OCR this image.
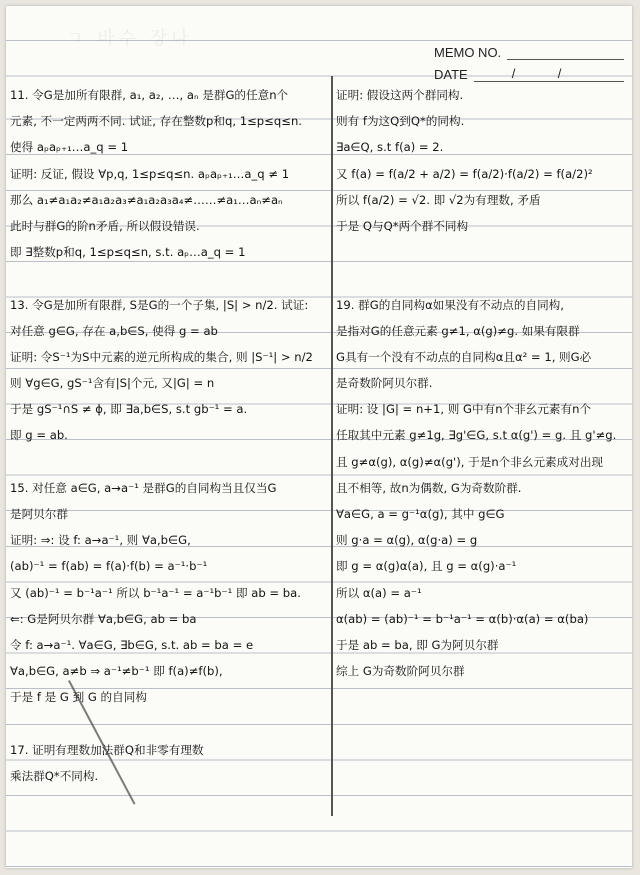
ㄱ 바수 장나
MEMO NO.
DATE	/	/
11. 令G是加所有限群, a₁, a₂, …, aₙ 是群G的任意n个
元素, 不一定两两不同. 试证, 存在整数p和q, 1≤p≤q≤n.
使得 aₚaₚ₊₁…a_q = 1
证明: 反证, 假设 ∀p,q, 1≤p≤q≤n. aₚaₚ₊₁…a_q ≠ 1
那么 a₁≠a₁a₂≠a₁a₂a₃≠a₁a₂a₃a₄≠……≠a₁…aₙ≠aₙ
此时与群G的阶n矛盾, 所以假设错误.
即 ∃整数p和q, 1≤p≤q≤n, s.t. aₚ…a_q = 1
13. 令G是加所有限群, S是G的一个子集, |S| > n/2. 试证:
对任意 g∈G, 存在 a,b∈S, 使得 g = ab
证明: 令S⁻¹为S中元素的逆元所构成的集合, 则 |S⁻¹| > n/2
则 ∀g∈G, gS⁻¹含有|S|个元, 又|G| = n
于是 gS⁻¹∩S ≠ ϕ, 即 ∃a,b∈S, s.t gb⁻¹ = a.
即 g = ab.
15. 对任意 a∈G, a→a⁻¹ 是群G的自同构当且仅当G
是阿贝尔群
证明: ⇒: 设 f: a→a⁻¹, 则 ∀a,b∈G,
(ab)⁻¹ = f(ab) = f(a)·f(b) = a⁻¹·b⁻¹
又 (ab)⁻¹ = b⁻¹a⁻¹ 所以 b⁻¹a⁻¹ = a⁻¹b⁻¹ 即 ab = ba.
⇐: G是阿贝尔群 ∀a,b∈G, ab = ba
令 f: a→a⁻¹. ∀a∈G, ∃b∈G, s.t. ab = ba = e
∀a,b∈G, a≠b ⇒ a⁻¹≠b⁻¹ 即 f(a)≠f(b),
于是 f 是 G 到 G 的自同构
17. 证明有理数加法群Q和非零有理数
乘法群Q*不同构.
证明: 假设这两个群同构.
则有 f为这Q到Q*的同构.
∃a∈Q, s.t f(a) = 2.
又 f(a) = f(a/2 + a/2) = f(a/2)·f(a/2) = f(a/2)²
所以 f(a/2) = √2. 即 √2为有理数, 矛盾
于是 Q与Q*两个群不同构
19. 群G的自同构α如果没有不动点的自同构,
是指对G的任意元素 g≠1, α(g)≠g. 如果有限群
G具有一个没有不动点的自同构α且α² = 1, 则G必
是奇数阶阿贝尔群.
证明: 设 |G| = n+1, 则 G中有n个非幺元素有n个
任取其中元素 g≠1g, ∃g'∈G, s.t α(g') = g. 且 g'≠g.
且 g≠α(g), α(g)≠α(g'), 于是n个非幺元素成对出现
且不相等, 故n为偶数, G为奇数阶群.
∀a∈G, a = g⁻¹α(g), 其中 g∈G
则 g·a = α(g), α(g·a) = g
即 g = α(g)α(a), 且 g = α(g)·a⁻¹
所以 α(a) = a⁻¹
α(ab) = (ab)⁻¹ = b⁻¹a⁻¹ = α(b)·α(a) = α(ba)
于是 ab = ba, 即 G为阿贝尔群
综上 G为奇数阶阿贝尔群
